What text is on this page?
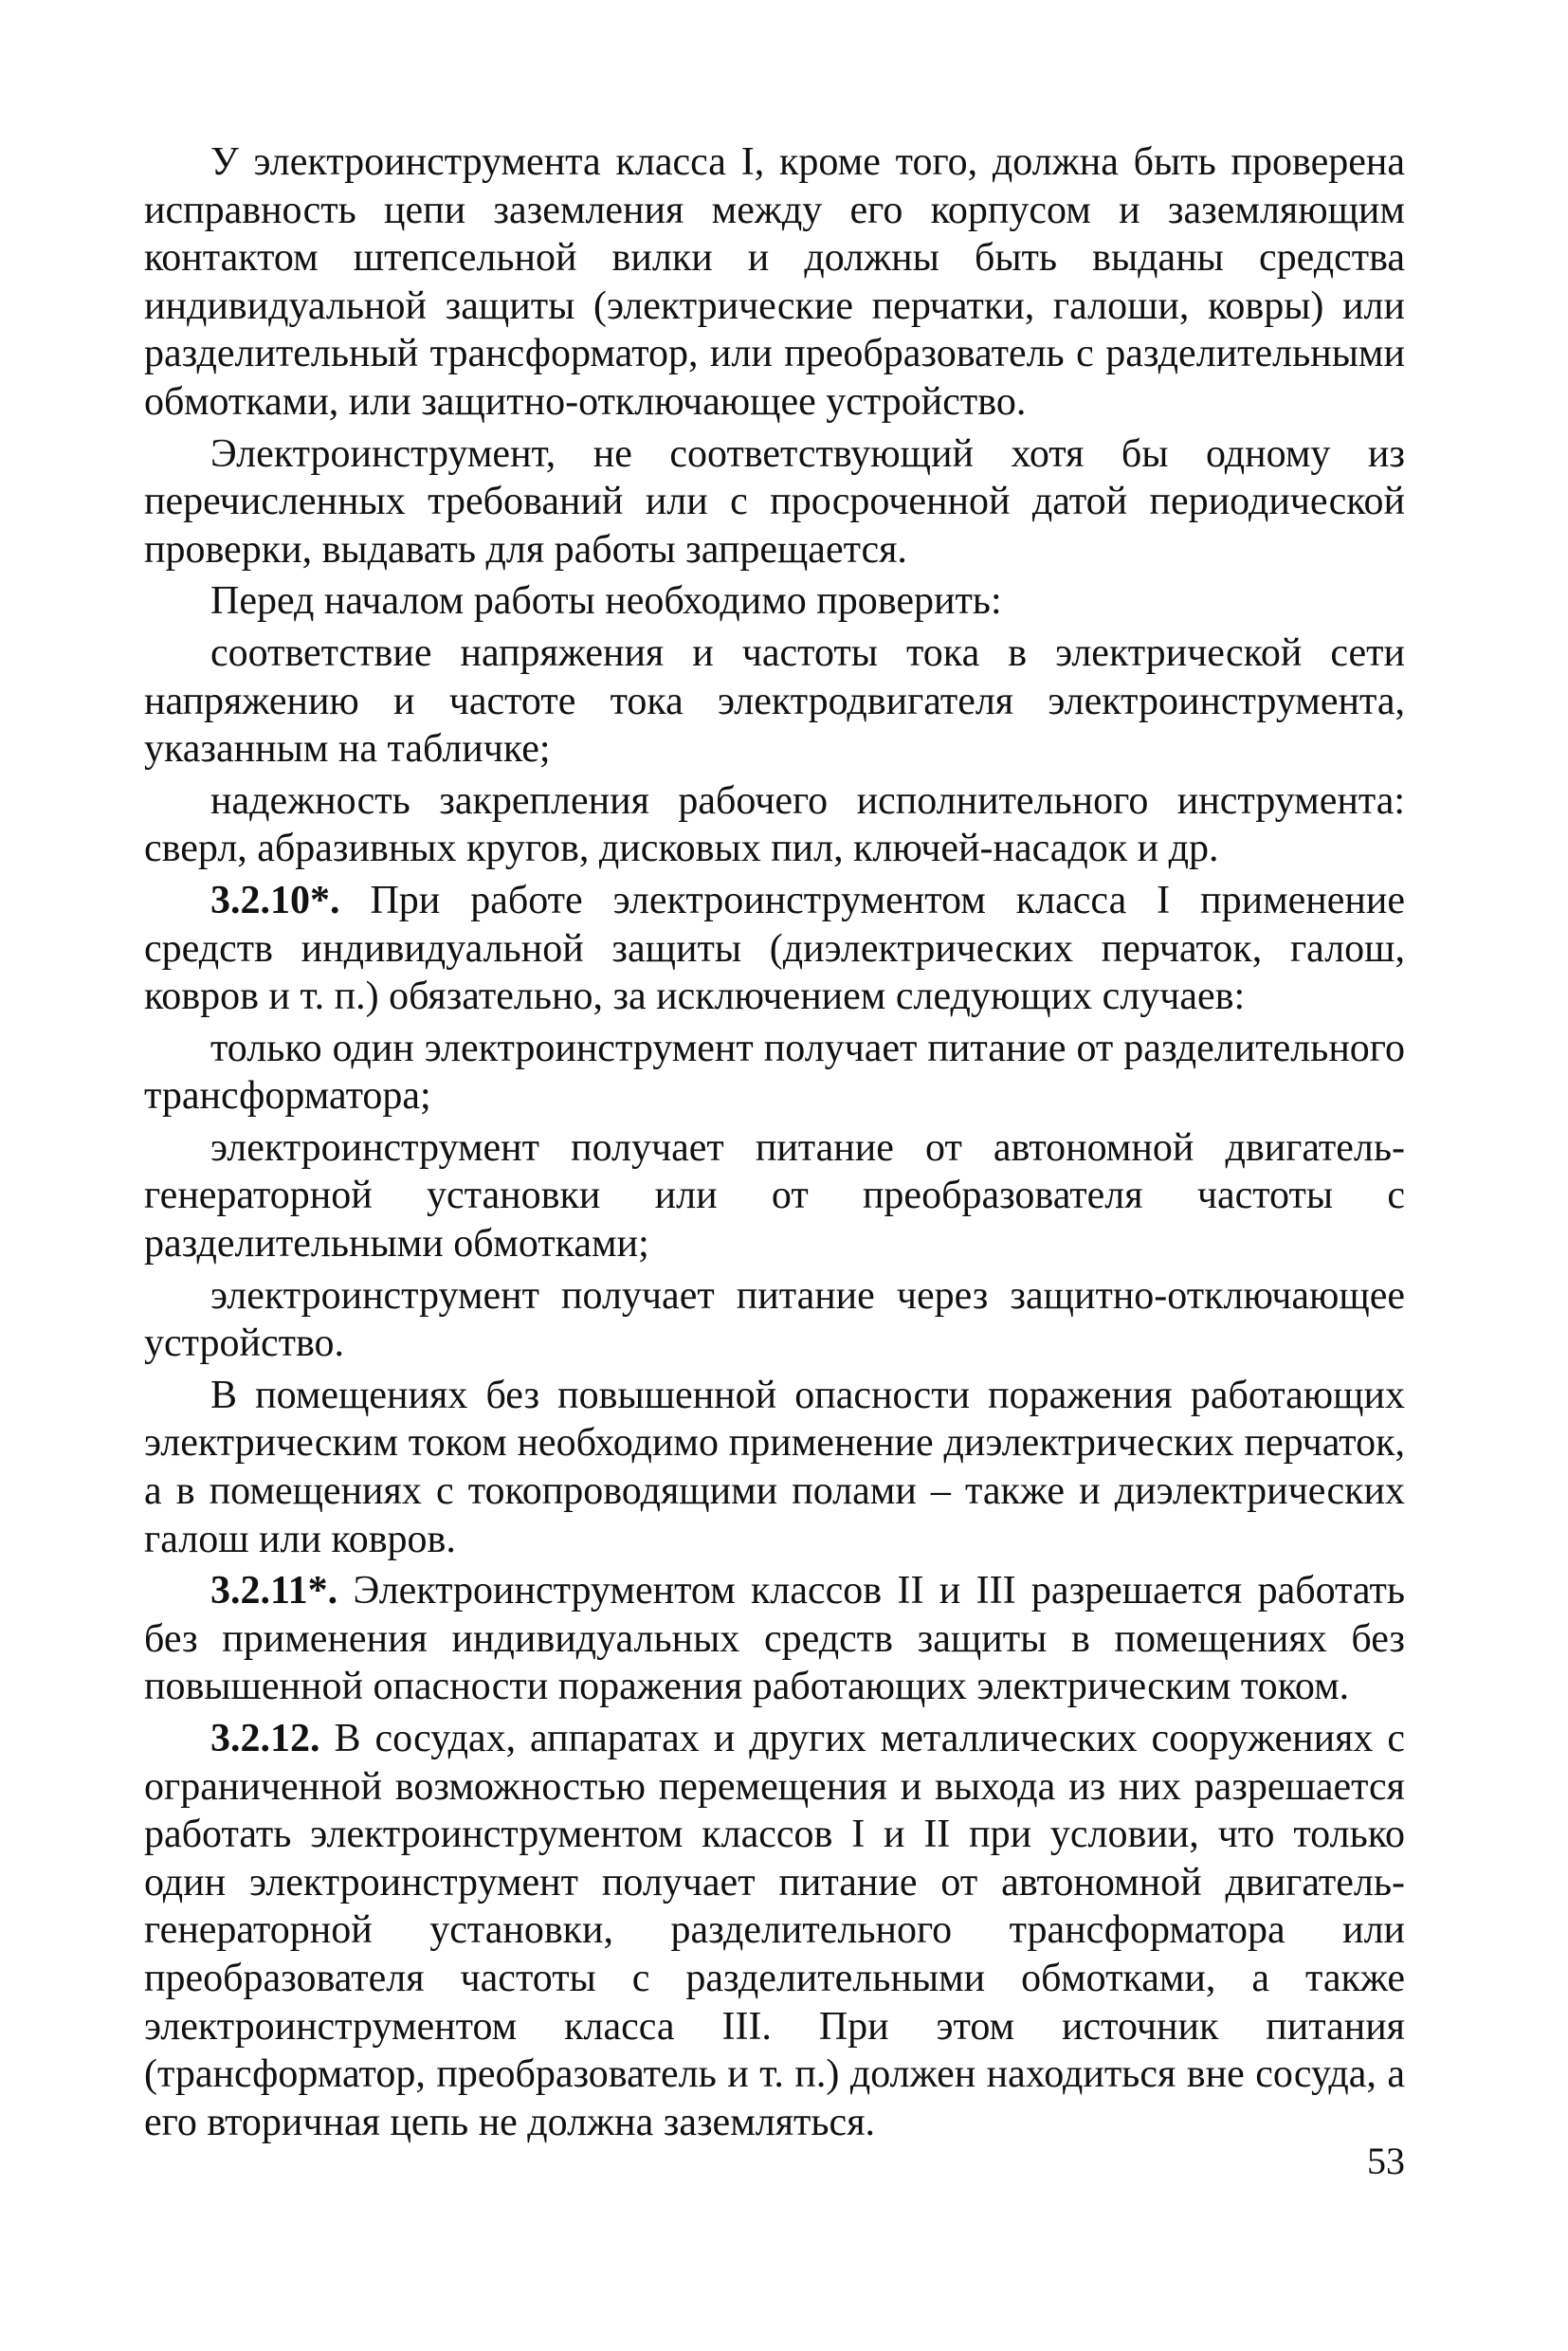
У электроинструмента класса I, кроме того, должна быть проверена исправность цепи заземления между его корпусом и заземляющим контактом штепсельной вилки и должны быть выданы средства индивидуальной защиты (электрические перчатки, галоши, ковры) или разделительный трансформатор, или преобразователь с разделительными обмотками, или защитно-отключающее устройство.

Электроинструмент, не соответствующий хотя бы одному из перечисленных требований или с просроченной датой периодической проверки, выдавать для работы запрещается.

Перед началом работы необходимо проверить:

соответствие напряжения и частоты тока в электрической сети напряжению и частоте тока электродвигателя электроинструмента, указанным на табличке;

надежность закрепления рабочего исполнительного инструмента: сверл, абразивных кругов, дисковых пил, ключей-насадок и др.

3.2.10*. При работе электроинструментом класса I применение средств индивидуальной защиты (диэлектрических перчаток, галош, ковров и т. п.) обязательно, за исключением следующих случаев:

только один электроинструмент получает питание от разделительного трансформатора;

электроинструмент получает питание от автономной двигатель-генераторной установки или от преобразователя частоты с разделительными обмотками;

электроинструмент получает питание через защитно-отключающее устройство.

В помещениях без повышенной опасности поражения работающих электрическим током необходимо применение диэлектрических перчаток, а в помещениях с токопроводящими полами – также и диэлектрических галош или ковров.

3.2.11*. Электроинструментом классов II и III разрешается работать без применения индивидуальных средств защиты в помещениях без повышенной опасности поражения работающих электрическим током.

3.2.12. В сосудах, аппаратах и других металлических сооружениях с ограниченной возможностью перемещения и выхода из них разрешается работать электроинструментом классов I и II при условии, что только один электроинструмент получает питание от автономной двигатель-генераторной установки, разделительного трансформатора или преобразователя частоты с разделительными обмотками, а также электроинструментом класса III. При этом источник питания (трансформатор, преобразователь и т. п.) должен находиться вне сосуда, а его вторичная цепь не должна заземляться.

53
